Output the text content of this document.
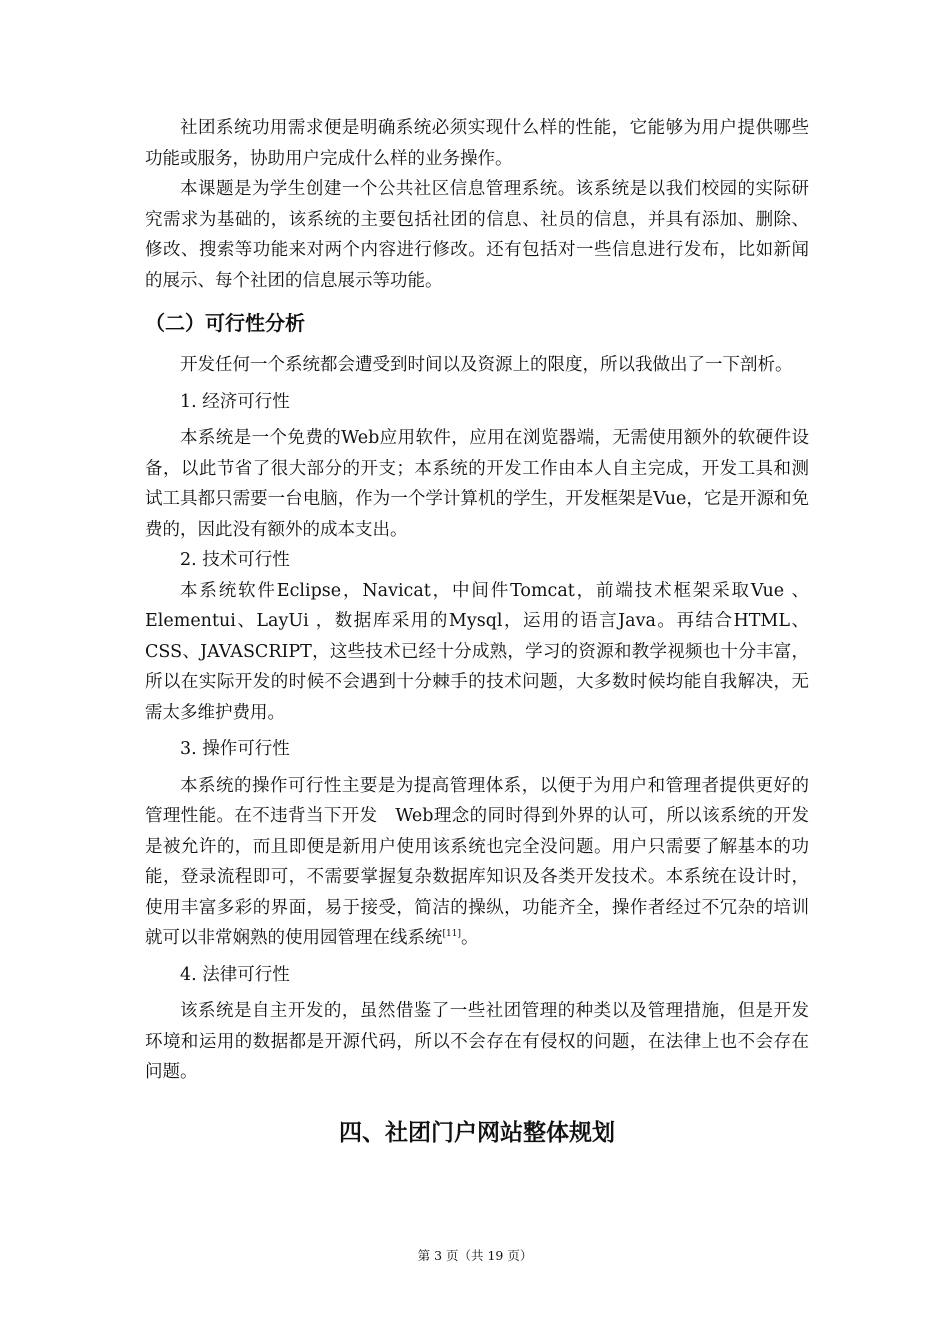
社团系统功用需求便是明确系统必须实现什么样的性能，它能够为用户提供哪些功能或服务，协助用户完成什么样的业务操作。

本课题是为学生创建一个公共社区信息管理系统。该系统是以我们校园的实际研究需求为基础的，该系统的主要包括社团的信息、社员的信息，并具有添加、删除、修改、搜索等功能来对两个内容进行修改。还有包括对一些信息进行发布，比如新闻的展示、每个社团的信息展示等功能。

（二）可行性分析

开发任何一个系统都会遭受到时间以及资源上的限度，所以我做出了一下剖析。

1. 经济可行性

本系统是一个免费的Web应用软件，应用在浏览器端，无需使用额外的软硬件设备，以此节省了很大部分的开支；本系统的开发工作由本人自主完成，开发工具和测试工具都只需要一台电脑，作为一个学计算机的学生，开发框架是Vue，它是开源和免费的，因此没有额外的成本支出。

2. 技术可行性

本系统软件Eclipse，Navicat，中间件Tomcat，前端技术框架采取Vue 、Elementui、LayUi ，数据库采用的Mysql，运用的语言Java。再结合HTML、CSS、JAVASCRIPT，这些技术已经十分成熟，学习的资源和教学视频也十分丰富，所以在实际开发的时候不会遇到十分棘手的技术问题，大多数时候均能自我解决，无需太多维护费用。

3. 操作可行性

本系统的操作可行性主要是为提高管理体系，以便于为用户和管理者提供更好的管理性能。在不违背当下开发　Web理念的同时得到外界的认可，所以该系统的开发是被允许的，而且即便是新用户使用该系统也完全没问题。用户只需要了解基本的功能，登录流程即可，不需要掌握复杂数据库知识及各类开发技术。本系统在设计时，使用丰富多彩的界面，易于接受，简洁的操纵，功能齐全，操作者经过不冗杂的培训就可以非常娴熟的使用园管理在线系统[11]。

4. 法律可行性

该系统是自主开发的，虽然借鉴了一些社团管理的种类以及管理措施，但是开发环境和运用的数据都是开源代码，所以不会存在有侵权的问题，在法律上也不会存在问题。

四、社团门户网站整体规划
第 3 页（共 19 页）
